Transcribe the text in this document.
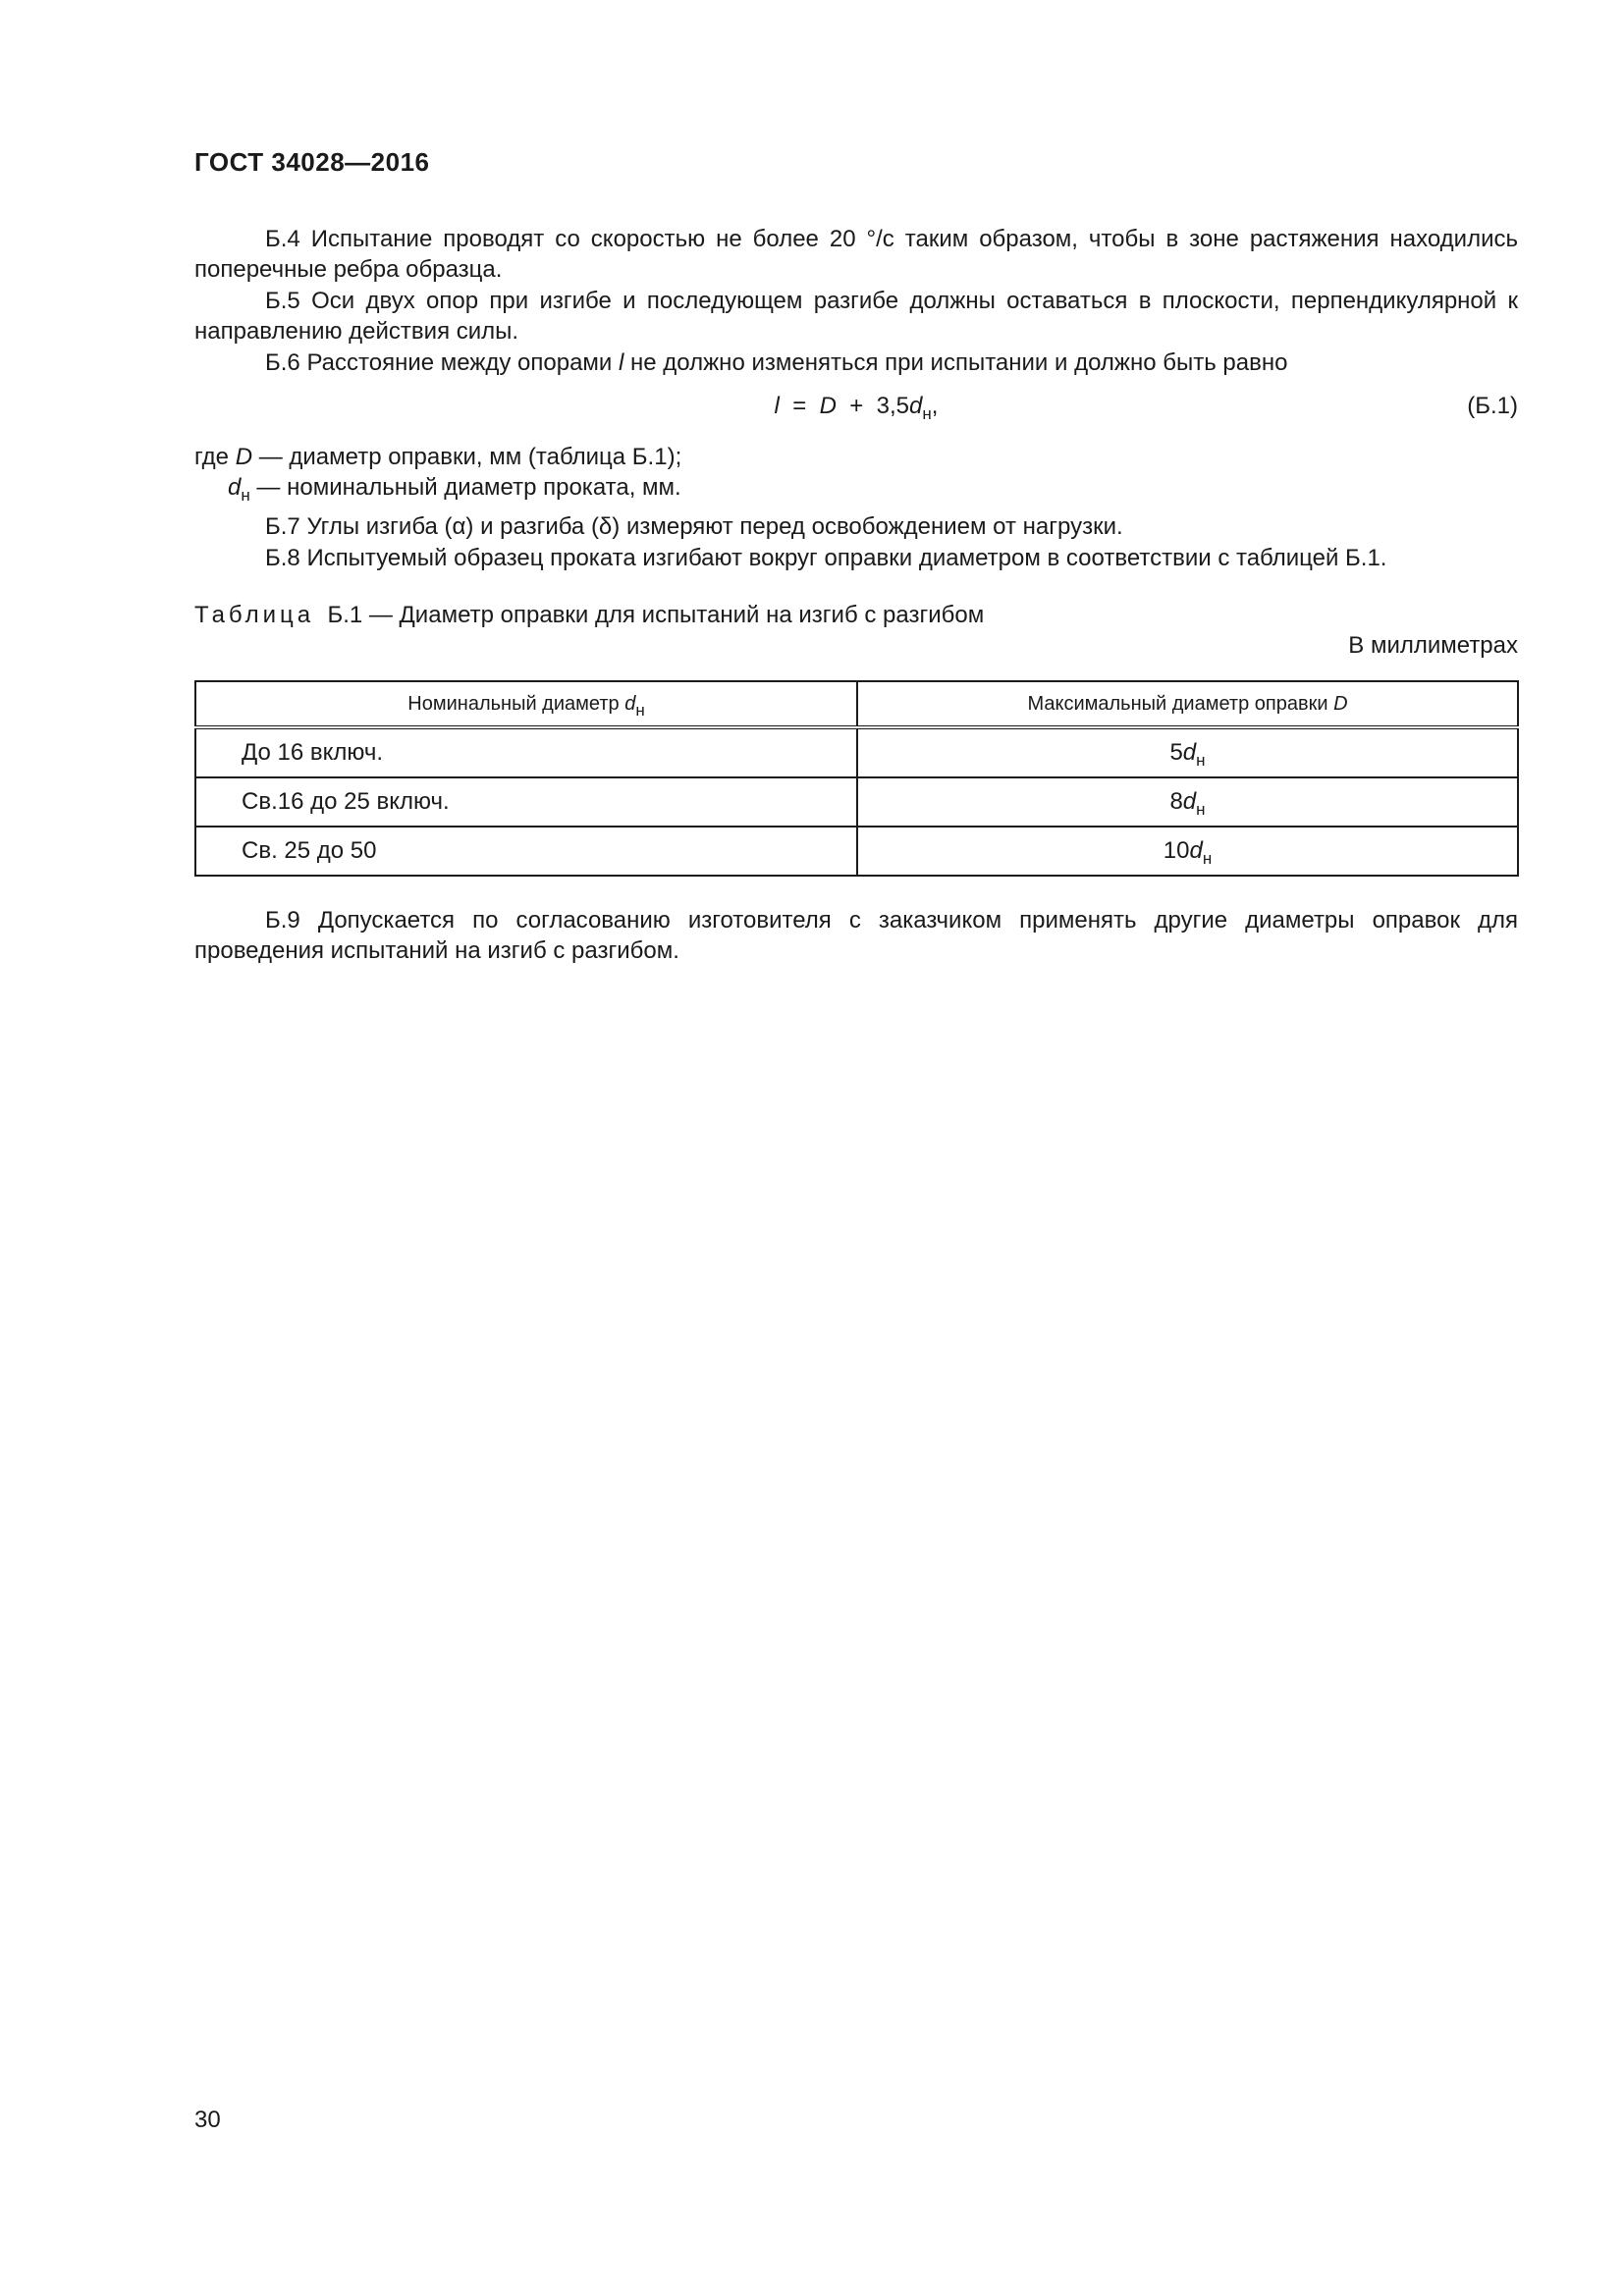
ГОСТ 34028—2016
Б.4 Испытание проводят со скоростью не более 20 °/с таким образом, чтобы в зоне растяжения находились поперечные ребра образца.
Б.5 Оси двух опор при изгибе и последующем разгибе должны оставаться в плоскости, перпендикулярной к направлению действия силы.
Б.6 Расстояние между опорами l не должно изменяться при испытании и должно быть равно
$l = D + 3,5d_н$,	(Б.1)
где D — диаметр оправки, мм (таблица Б.1);
$d_н$ — номинальный диаметр проката, мм.
Б.7 Углы изгиба (α) и разгиба (δ) измеряют перед освобождением от нагрузки.
Б.8 Испытуемый образец проката изгибают вокруг оправки диаметром в соответствии с таблицей Б.1.
Таблица Б.1 — Диаметр оправки для испытаний на изгиб с разгибом
В миллиметрах
Номинальный диаметр $d_н$	Максимальный диаметр оправки D
До 16 включ.	$5d_н$
Св.16 до 25 включ.	$8d_н$
Св. 25 до 50	$10d_н$
Б.9 Допускается по согласованию изготовителя с заказчиком применять другие диаметры оправок для проведения испытаний на изгиб с разгибом.
30
